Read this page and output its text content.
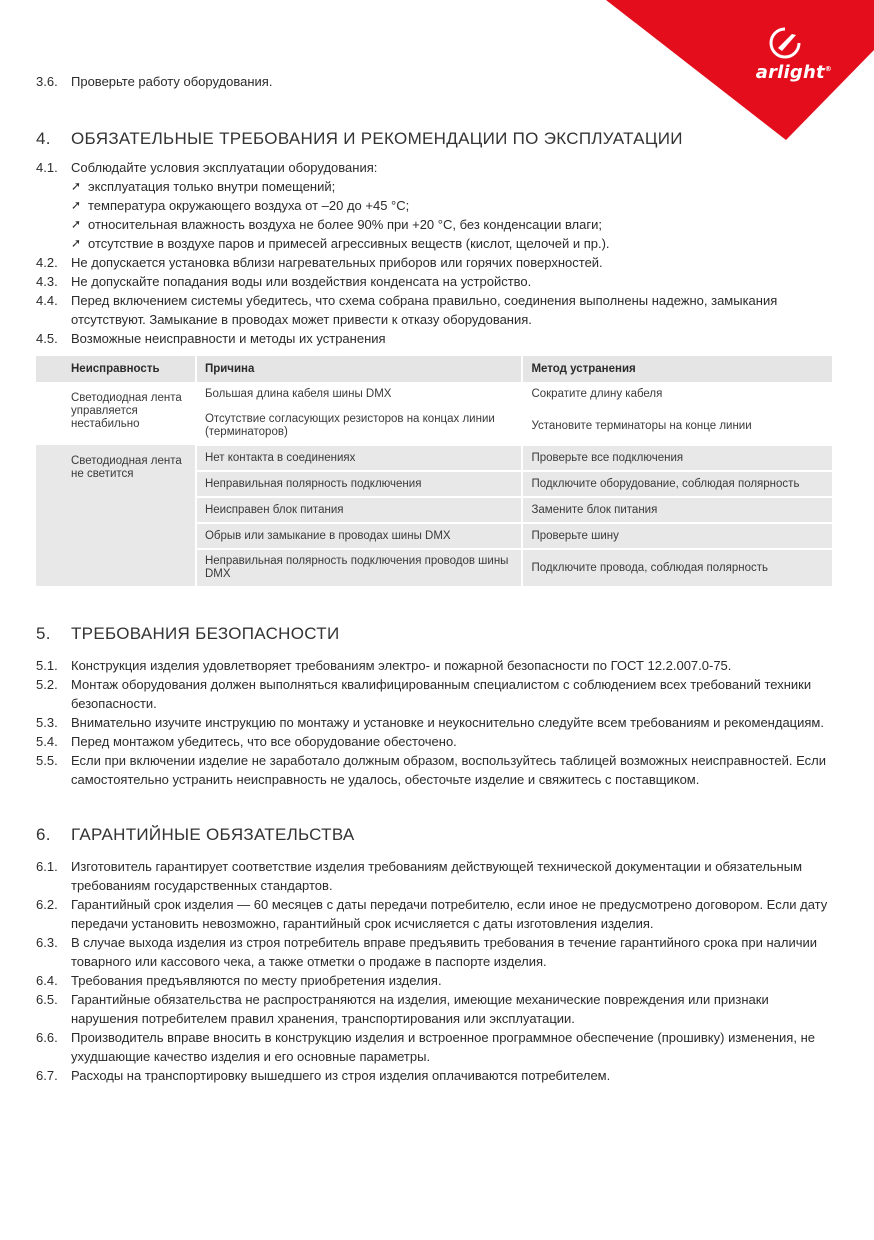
arlight®
3.6.	Проверьте работу оборудования.
4.	ОБЯЗАТЕЛЬНЫЕ ТРЕБОВАНИЯ И РЕКОМЕНДАЦИИ ПО ЭКСПЛУАТАЦИИ
4.1.	Соблюдайте условия эксплуатации оборудования:
➚ эксплуатация только внутри помещений;
➚ температура окружающего воздуха от –20 до +45 °C;
➚ относительная влажность воздуха не более 90% при +20 °C, без конденсации влаги;
➚ отсутствие в воздухе паров и примесей агрессивных веществ (кислот, щелочей и пр.).
4.2.	Не допускается установка вблизи нагревательных приборов или горячих поверхностей.
4.3.	Не допускайте попадания воды или воздействия конденсата на устройство.
4.4.	Перед включением системы убедитесь, что схема собрана правильно, соединения выполнены надежно, замыкания отсутствуют. Замыкание в проводах может привести к отказу оборудования.
4.5.	Возможные неисправности и методы их устранения
Неисправность	Причина	Метод устранения
Светодиодная лента управляется нестабильно	Большая длина кабеля шины DMX	Сократите длину кабеля
	Отсутствие согласующих резисторов на концах линии (терминаторов)	Установите терминаторы на конце линии
Светодиодная лента не светится	Нет контакта в соединениях	Проверьте все подключения
	Неправильная полярность подключения	Подключите оборудование, соблюдая полярность
	Неисправен блок питания	Замените блок питания
	Обрыв или замыкание в проводах шины DMX	Проверьте шину
	Неправильная полярность подключения проводов шины DMX	Подключите провода, соблюдая полярность
5.	ТРЕБОВАНИЯ БЕЗОПАСНОСТИ
5.1.	Конструкция изделия удовлетворяет требованиям электро- и пожарной безопасности по ГОСТ 12.2.007.0-75.
5.2.	Монтаж оборудования должен выполняться квалифицированным специалистом с соблюдением всех требований техники безопасности.
5.3.	Внимательно изучите инструкцию по монтажу и установке и неукоснительно следуйте всем требованиям и рекомендациям.
5.4.	Перед монтажом убедитесь, что все оборудование обесточено.
5.5.	Если при включении изделие не заработало должным образом, воспользуйтесь таблицей возможных неисправностей. Если самостоятельно устранить неисправность не удалось, обесточьте изделие и свяжитесь с поставщиком.
6.	ГАРАНТИЙНЫЕ ОБЯЗАТЕЛЬСТВА
6.1.	Изготовитель гарантирует соответствие изделия требованиям действующей технической документации и обязательным требованиям государственных стандартов.
6.2.	Гарантийный срок изделия — 60 месяцев с даты передачи потребителю, если иное не предусмотрено договором. Если дату передачи установить невозможно, гарантийный срок исчисляется с даты изготовления изделия.
6.3.	В случае выхода изделия из строя потребитель вправе предъявить требования в течение гарантийного срока при наличии товарного или кассового чека, а также отметки о продаже в паспорте изделия.
6.4.	Требования предъявляются по месту приобретения изделия.
6.5.	Гарантийные обязательства не распространяются на изделия, имеющие механические повреждения или признаки нарушения потребителем правил хранения, транспортирования или эксплуатации.
6.6.	Производитель вправе вносить в конструкцию изделия и встроенное программное обеспечение (прошивку) изменения, не ухудшающие качество изделия и его основные параметры.
6.7.	Расходы на транспортировку вышедшего из строя изделия оплачиваются потребителем.
